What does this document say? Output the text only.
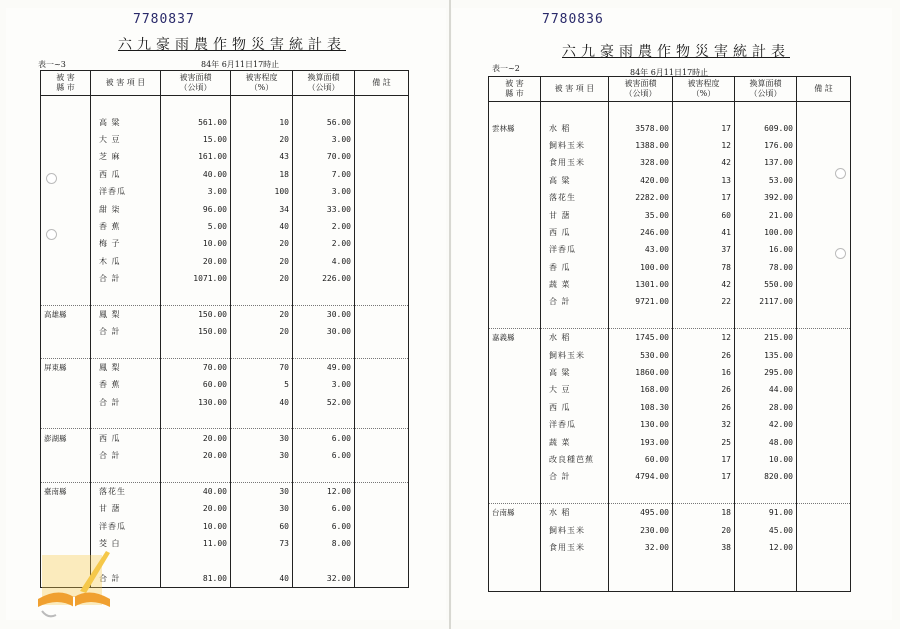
7780837
六九豪雨農作物災害統計表
表一~3	84年 6月11日17時止
被 害
縣 市	被 害 項 目	被害面積
（公頃）	被害程度
（%）	換算面積
（公頃）	備 註

	高 粱	561.00	10	56.00	
	大 豆	15.00	20	3.00	
	芝 麻	161.00	43	70.00	
	西 瓜	40.00	18	7.00	
	洋香瓜	3.00	100	3.00	
	甜 柒	96.00	34	33.00	
	香 蕉	5.00	40	2.00	
	梅 子	10.00	20	2.00	
	木 瓜	20.00	20	4.00	
	合 計	1071.00	20	226.00	

高雄縣	鳳 梨	150.00	20	30.00	
	合 計	150.00	20	30.00	

屏東縣	鳳 梨	70.00	70	49.00	
	香 蕉	60.00	5	3.00	
	合 計	130.00	40	52.00	

澎湖縣	西 瓜	20.00	30	6.00	
	合 計	20.00	30	6.00	

臺南縣	落花生	40.00	30	12.00	
	甘 藷	20.00	30	6.00	
	洋香瓜	10.00	60	6.00	
	茭 白	11.00	73	8.00	

	合 計	81.00	40	32.00	
7780836
六九豪雨農作物災害統計表
表一~2	84年 6月11日17時止
被 害
縣 市	被 害 項 目	被害面積
（公頃）	被害程度
（%）	換算面積
（公頃）	備 註

雲林縣	水 稻	3578.00	17	609.00	
	飼料玉米	1388.00	12	176.00	
	食用玉米	328.00	42	137.00	
	高 粱	420.00	13	53.00	
	落花生	2282.00	17	392.00	
	甘 藷	35.00	60	21.00	
	西 瓜	246.00	41	100.00	
	洋香瓜	43.00	37	16.00	
	香 瓜	100.00	78	78.00	
	蔬 菜	1301.00	42	550.00	
	合 計	9721.00	22	2117.00	

嘉義縣	水 稻	1745.00	12	215.00	
	飼料玉米	530.00	26	135.00	
	高 粱	1860.00	16	295.00	
	大 豆	168.00	26	44.00	
	西 瓜	108.30	26	28.00	
	洋香瓜	130.00	32	42.00	
	蔬 菜	193.00	25	48.00	
	改良種芭蕉	60.00	17	10.00	
	合 計	4794.00	17	820.00	

台南縣	水 稻	495.00	18	91.00	
	飼料玉米	230.00	20	45.00	
	食用玉米	32.00	38	12.00	
